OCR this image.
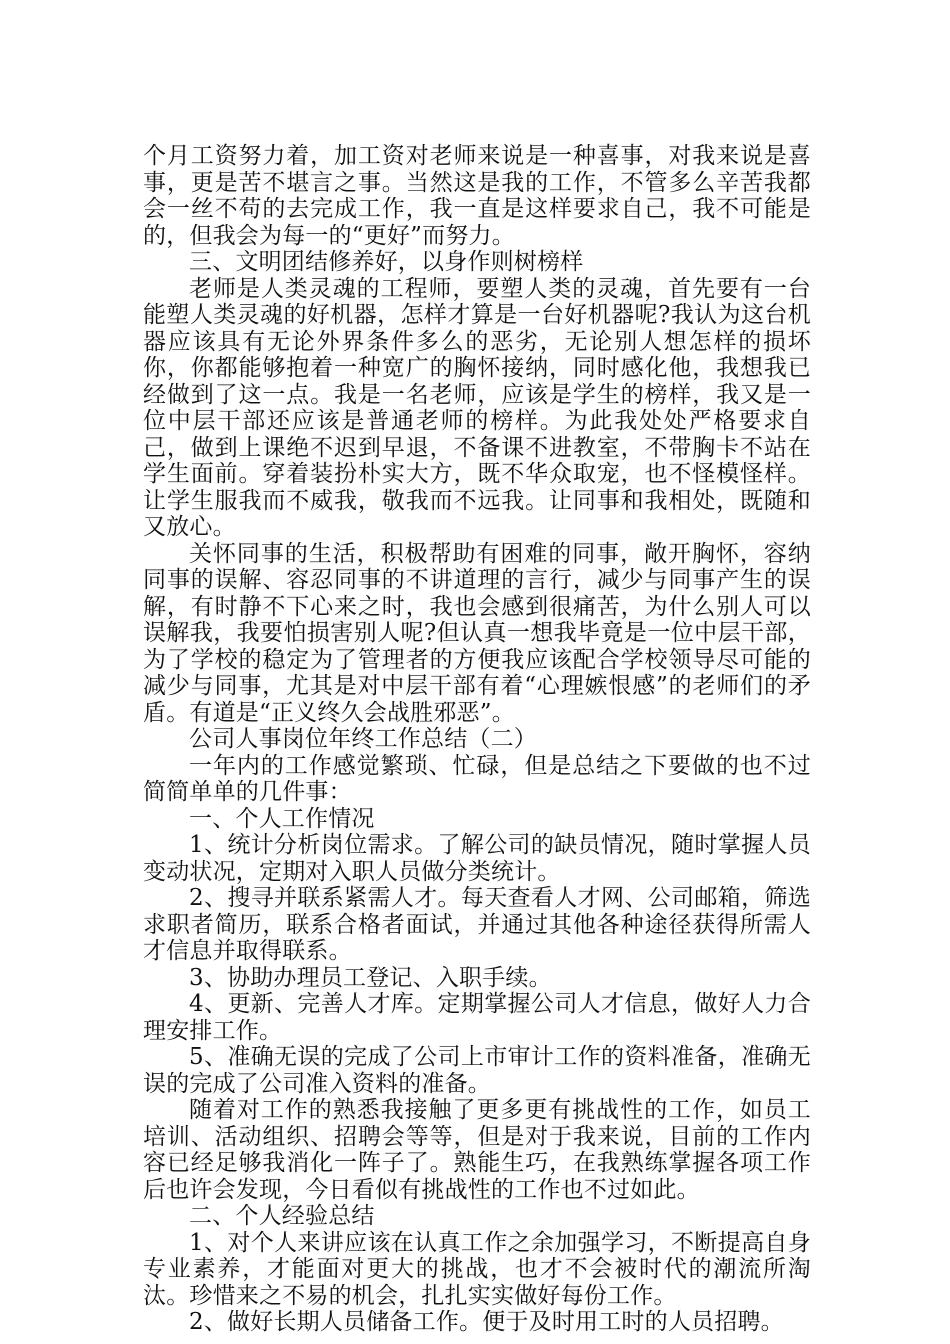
个月工资努力着，加工资对老师来说是一种喜事，对我来说是喜事，更是苦不堪言之事。当然这是我的工作，不管多么辛苦我都会一丝不苟的去完成工作，我一直是这样要求自己，我不可能是的，但我会为每一的“更好”而努力。

三、文明团结修养好，以身作则树榜样

老师是人类灵魂的工程师，要塑人类的灵魂，首先要有一台能塑人类灵魂的好机器，怎样才算是一台好机器呢?我认为这台机器应该具有无论外界条件多么的恶劣，无论别人想怎样的损坏你，你都能够抱着一种宽广的胸怀接纳，同时感化他，我想我已经做到了这一点。我是一名老师，应该是学生的榜样，我又是一位中层干部还应该是普通老师的榜样。为此我处处严格要求自己，做到上课绝不迟到早退，不备课不进教室，不带胸卡不站在学生面前。穿着装扮朴实大方，既不华众取宠，也不怪模怪样。让学生服我而不威我，敬我而不远我。让同事和我相处，既随和又放心。

关怀同事的生活，积极帮助有困难的同事，敞开胸怀，容纳同事的误解、容忍同事的不讲道理的言行，减少与同事产生的误解，有时静不下心来之时，我也会感到很痛苦，为什么别人可以误解我，我要怕损害别人呢?但认真一想我毕竟是一位中层干部，为了学校的稳定为了管理者的方便我应该配合学校领导尽可能的减少与同事，尤其是对中层干部有着“心理嫉恨感”的老师们的矛盾。有道是“正义终久会战胜邪恶”。

公司人事岗位年终工作总结（二）

一年内的工作感觉繁琐、忙碌，但是总结之下要做的也不过简简单单的几件事：

一、个人工作情况

1、统计分析岗位需求。了解公司的缺员情况，随时掌握人员变动状况，定期对入职人员做分类统计。

2、搜寻并联系紧需人才。每天查看人才网、公司邮箱，筛选求职者简历，联系合格者面试，并通过其他各种途径获得所需人才信息并取得联系。

3、协助办理员工登记、入职手续。

4、更新、完善人才库。定期掌握公司人才信息，做好人力合理安排工作。

5、准确无误的完成了公司上市审计工作的资料准备，准确无误的完成了公司准入资料的准备。

随着对工作的熟悉我接触了更多更有挑战性的工作，如员工培训、活动组织、招聘会等等，但是对于我来说，目前的工作内容已经足够我消化一阵子了。熟能生巧，在我熟练掌握各项工作后也许会发现，今日看似有挑战性的工作也不过如此。

二、个人经验总结

1、对个人来讲应该在认真工作之余加强学习，不断提高自身专业素养，才能面对更大的挑战，也才不会被时代的潮流所淘汰。珍惜来之不易的机会，扎扎实实做好每份工作。

2、做好长期人员储备工作。便于及时用工时的人员招聘。
